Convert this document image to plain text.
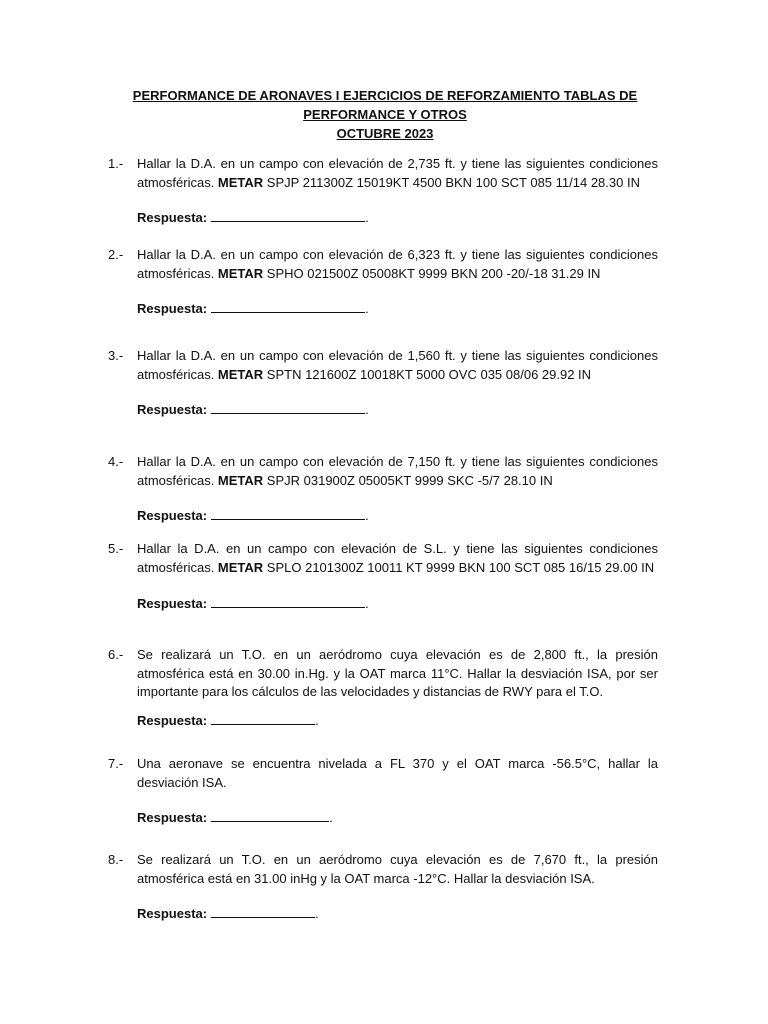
PERFORMANCE DE ARONAVES I EJERCICIOS DE REFORZAMIENTO TABLAS DE
PERFORMANCE Y OTROS
OCTUBRE 2023
1.-	Hallar la D.A. en un campo con elevación de 2,735 ft. y tiene las siguientes condiciones atmosféricas. METAR SPJP 211300Z 15019KT 4500 BKN 100 SCT 085 11/14 28.30 IN
Respuesta:	.
2.-	Hallar la D.A. en un campo con elevación de 6,323 ft. y tiene las siguientes condiciones atmosféricas. METAR SPHO 021500Z 05008KT 9999 BKN 200 -20/-18 31.29 IN
Respuesta:	.
3.-	Hallar la D.A. en un campo con elevación de 1,560 ft. y tiene las siguientes condiciones atmosféricas. METAR SPTN 121600Z 10018KT 5000 OVC 035 08/06 29.92 IN
Respuesta:	.
4.-	Hallar la D.A. en un campo con elevación de 7,150 ft. y tiene las siguientes condiciones atmosféricas. METAR SPJR 031900Z 05005KT 9999 SKC -5/7 28.10 IN
Respuesta:	.
5.-	Hallar la D.A. en un campo con elevación de S.L. y tiene las siguientes condiciones atmosféricas. METAR SPLO 2101300Z 10011 KT 9999 BKN 100 SCT 085 16/15 29.00 IN
Respuesta:	.
6.-	Se realizará un T.O. en un aeródromo cuya elevación es de 2,800 ft., la presión atmosférica está en 30.00 in.Hg. y la OAT marca 11°C. Hallar la desviación ISA, por ser importante para los cálculos de las velocidades y distancias de RWY para el T.O.
Respuesta:	.
7.-	Una aeronave se encuentra nivelada a FL 370 y el OAT marca -56.5°C, hallar la desviación ISA.
Respuesta:	.
8.-	Se realizará un T.O. en un aeródromo cuya elevación es de 7,670 ft., la presión atmosférica está en 31.00 inHg y la OAT marca -12°C. Hallar la desviación ISA.
Respuesta:	.
